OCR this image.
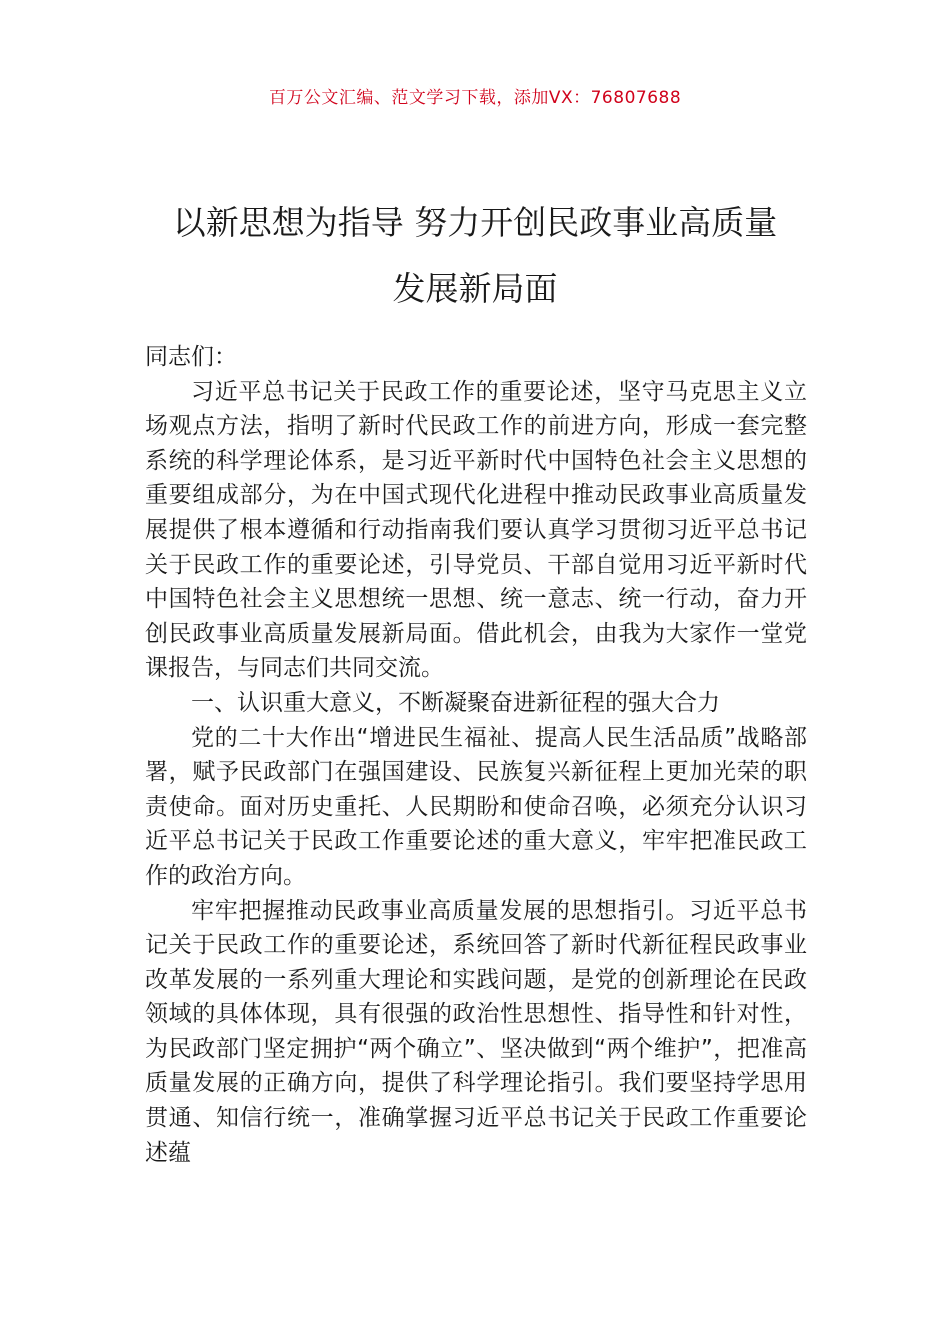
百万公文汇编、范文学习下载，添加VX：76807688
以新思想为指导 努力开创民政事业高质量
发展新局面

同志们：

习近平总书记关于民政工作的重要论述，坚守马克思主义立场观点方法，指明了新时代民政工作的前进方向，形成一套完整系统的科学理论体系，是习近平新时代中国特色社会主义思想的重要组成部分，为在中国式现代化进程中推动民政事业高质量发展提供了根本遵循和行动指南我们要认真学习贯彻习近平总书记关于民政工作的重要论述，引导党员、干部自觉用习近平新时代中国特色社会主义思想统一思想、统一意志、统一行动，奋力开创民政事业高质量发展新局面。借此机会，由我为大家作一堂党课报告，与同志们共同交流。

一、认识重大意义，不断凝聚奋进新征程的强大合力

党的二十大作出“增进民生福祉、提高人民生活品质”战略部署，赋予民政部门在强国建设、民族复兴新征程上更加光荣的职责使命。面对历史重托、人民期盼和使命召唤，必须充分认识习近平总书记关于民政工作重要论述的重大意义，牢牢把准民政工作的政治方向。

牢牢把握推动民政事业高质量发展的思想指引。习近平总书记关于民政工作的重要论述，系统回答了新时代新征程民政事业改革发展的一系列重大理论和实践问题，是党的创新理论在民政领域的具体体现，具有很强的政治性思想性、指导性和针对性，为民政部门坚定拥护“两个确立”、坚决做到“两个维护”，把准高质量发展的正确方向，提供了科学理论指引。我们要坚持学思用贯通、知信行统一，准确掌握习近平总书记关于民政工作重要论述蕴
